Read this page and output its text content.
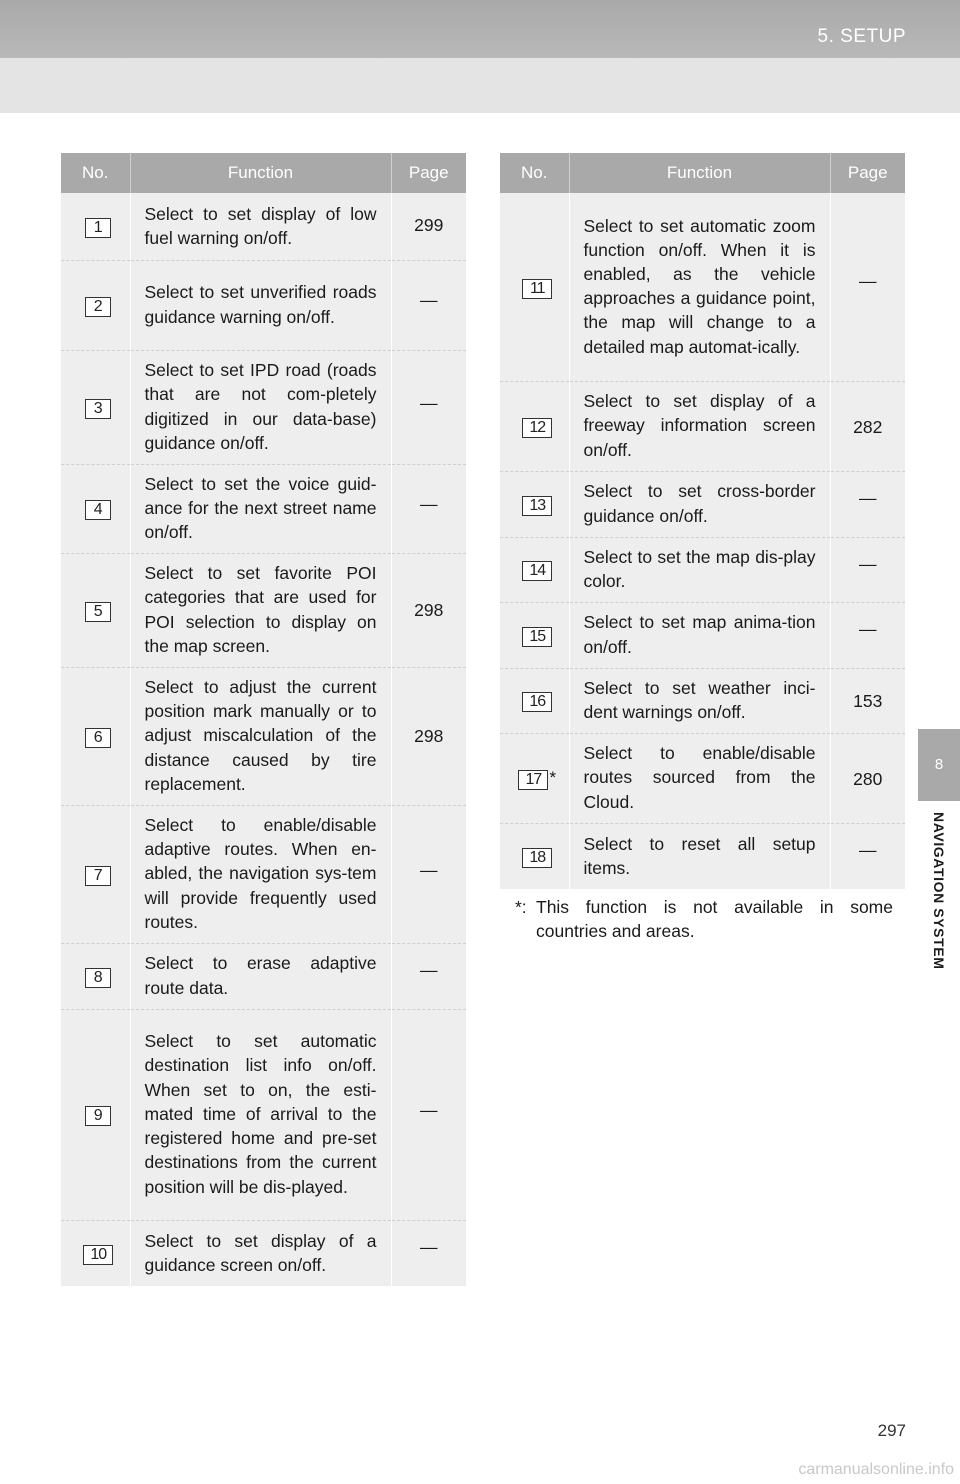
5. SETUP
8
NAVIGATION SYSTEM
No.	Function	Page
1	Select to set display of low fuel warning on/off.	299

2	Select to set unverified roads guidance warning on/off.	—

3	Select to set IPD road (roads that are not com-pletely digitized in our data-base) guidance on/off.	—

4	Select to set the voice guid-ance for the next street name on/off.	—

5	Select to set favorite POI categories that are used for POI selection to display on the map screen.	298

6	Select to adjust the current position mark manually or to adjust miscalculation of the distance caused by tire replacement.	298

7	Select to enable/disable adaptive routes. When en-abled, the navigation sys-tem will provide frequently used routes.	—

8	Select to erase adaptive route data.	—

9	Select to set automatic destination list info on/off. When set to on, the esti-mated time of arrival to the registered home and pre-set destinations from the current position will be dis-played.	—

10	Select to set display of a guidance screen on/off.	—
No.	Function	Page
11	Select to set automatic zoom function on/off. When it is enabled, as the vehicle approaches a guidance point, the map will change to a detailed map automat-ically.	—

12	Select to set display of a freeway information screen on/off.	282

13	Select to set cross-border guidance on/off.	—

14	Select to set the map dis-play color.	—

15	Select to set map anima-tion on/off.	—

16	Select to set weather inci-dent warnings on/off.	153

17 *	Select to enable/disable routes sourced from the Cloud.	280

18	Select to reset all setup items.	—
*: This function is not available in some countries and areas.
297
carmanualsonline.info
